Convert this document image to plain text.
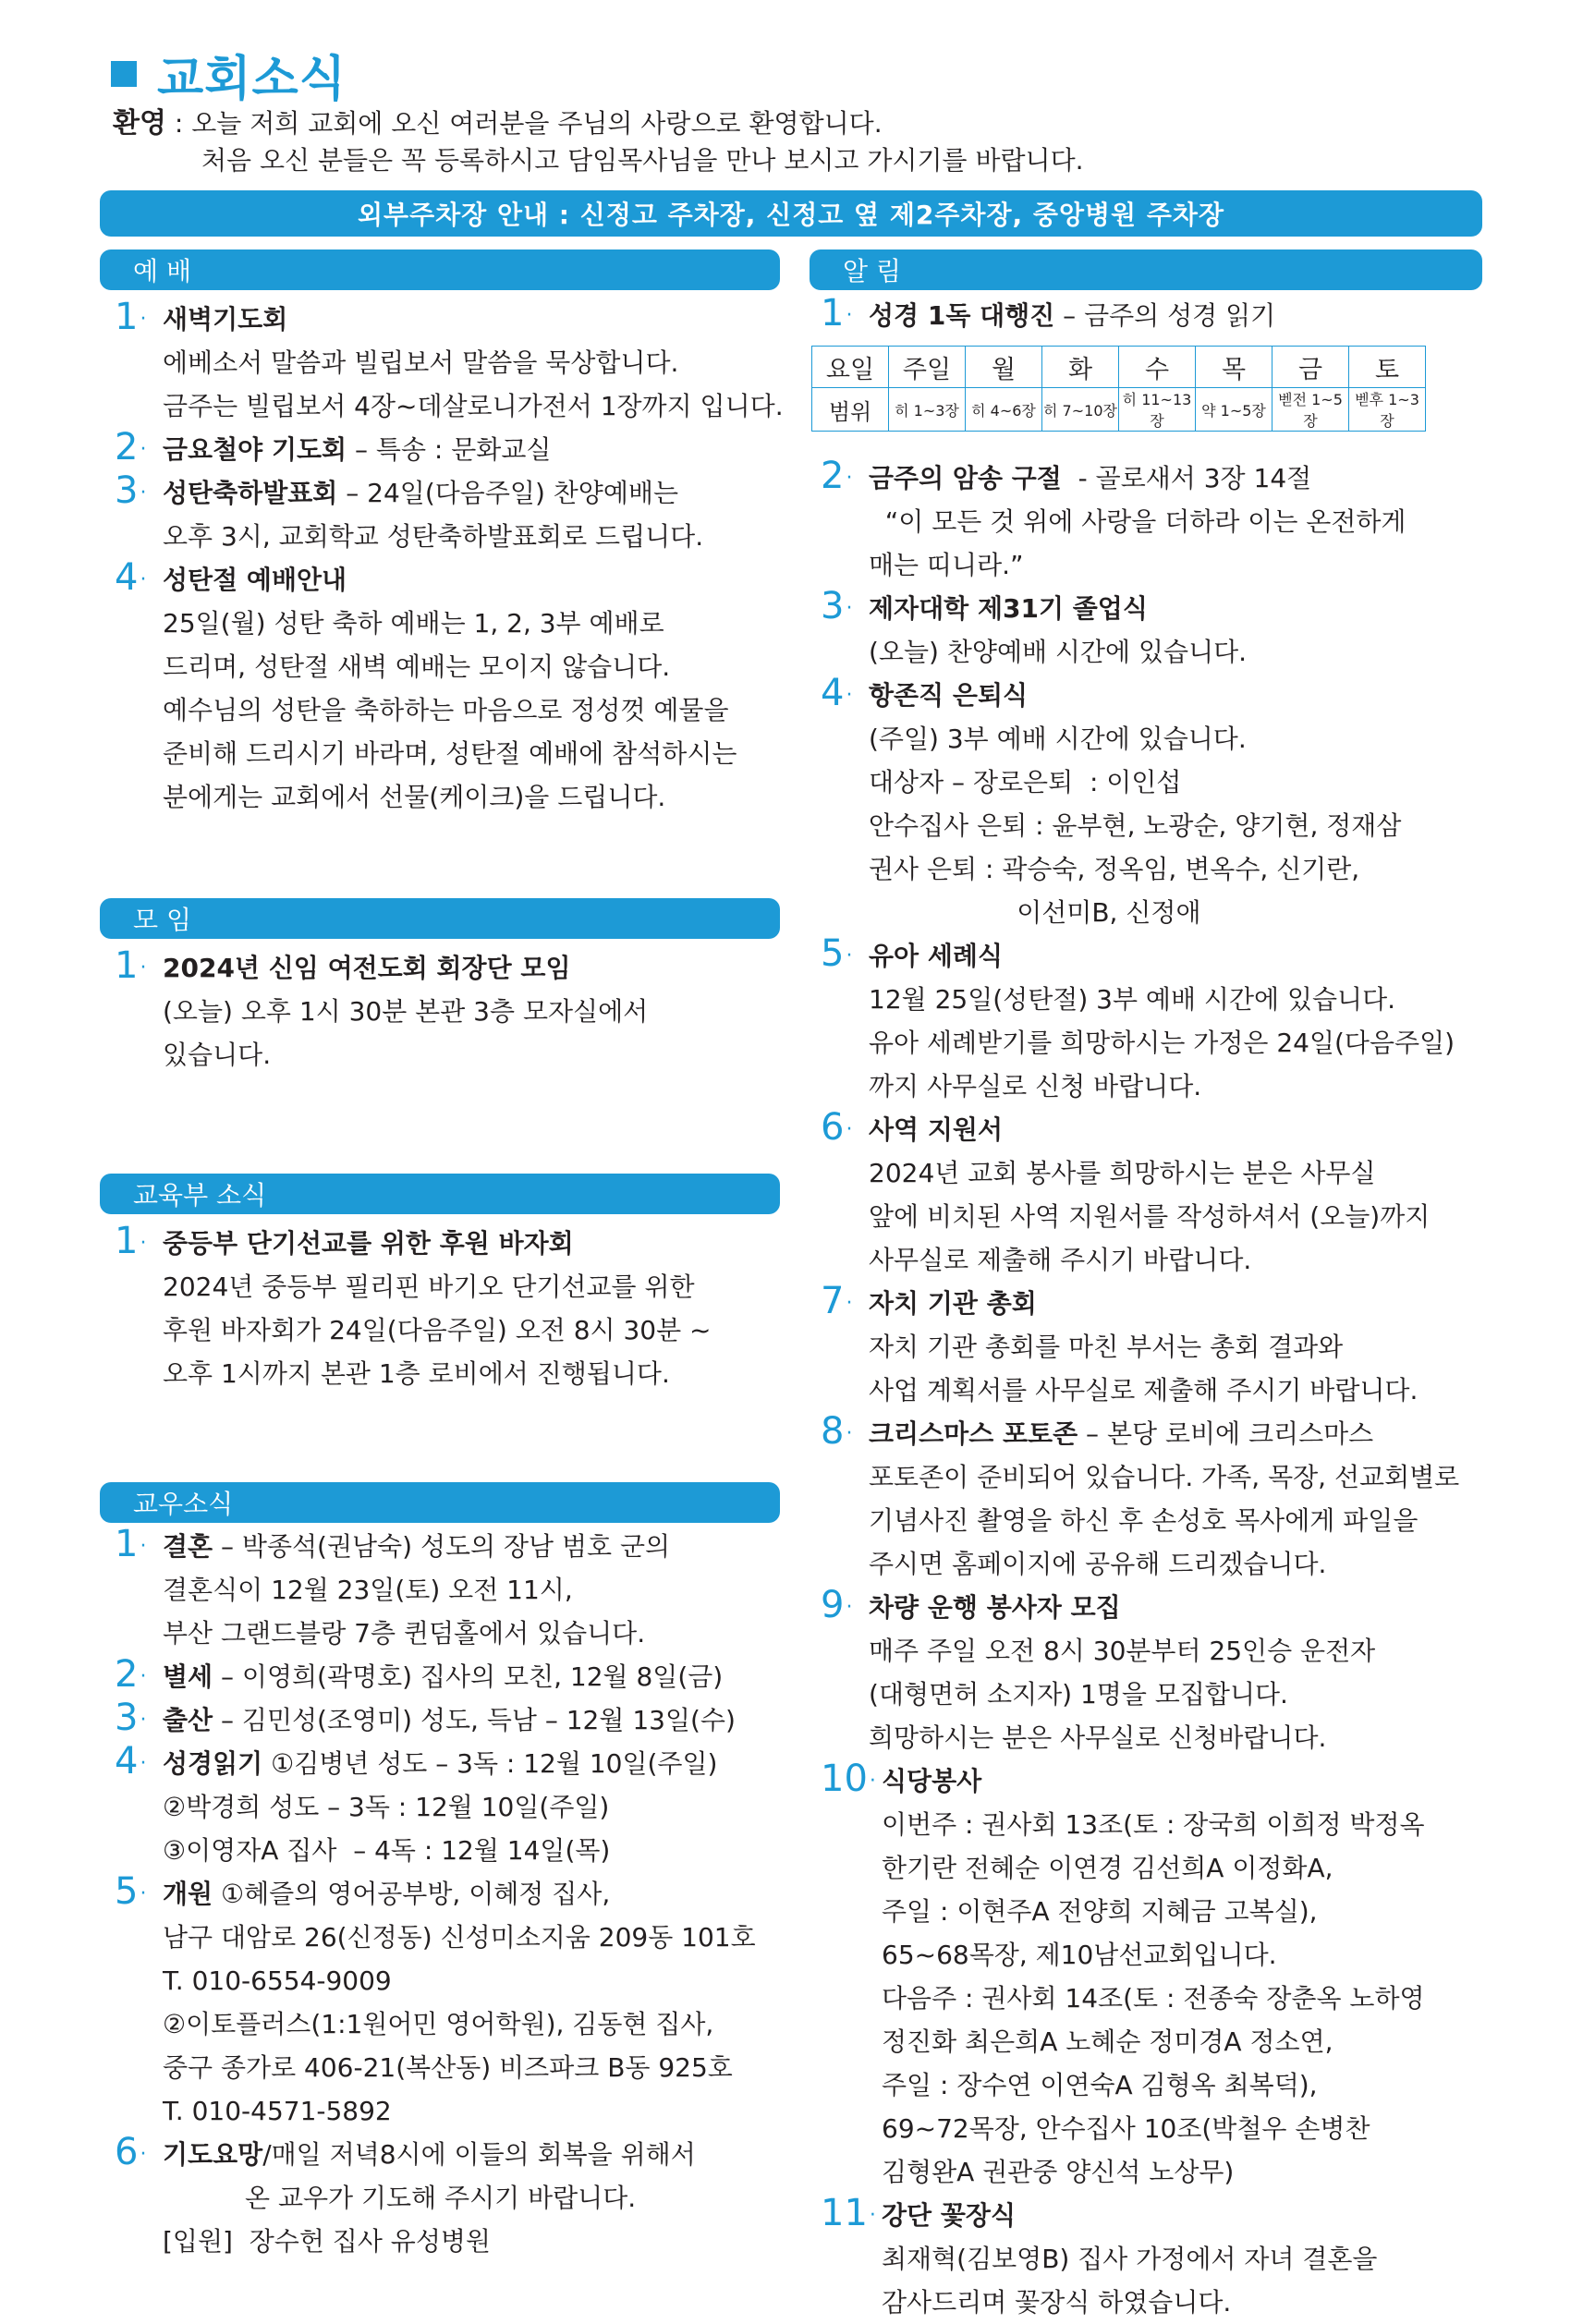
교회소식
환영 : 오늘 저희 교회에 오신 여러분을 주님의 사랑으로 환영합니다.
처음 오신 분들은 꼭 등록하시고 담임목사님을 만나 보시고 가시기를 바랍니다.
외부주차장 안내 : 신정고 주차장, 신정고 옆 제2주차장, 중앙병원 주차장
요일	주일	월	화	수	목	금	토
범위	히 1~3장	히 4~6장	히 7~10장	히 11~13장	약 1~5장	벧전 1~5장	벧후 1~3장
예 배
1· 새벽기도회
에베소서 말씀과 빌립보서 말씀을 묵상합니다.
금주는 빌립보서 4장~데살로니가전서 1장까지 입니다.
2· 금요철야 기도회 – 특송 : 문화교실
3· 성탄축하발표회 – 24일(다음주일) 찬양예배는
오후 3시, 교회학교 성탄축하발표회로 드립니다.
4· 성탄절 예배안내
25일(월) 성탄 축하 예배는 1, 2, 3부 예배로
드리며, 성탄절 새벽 예배는 모이지 않습니다.
예수님의 성탄을 축하하는 마음으로 정성껏 예물을
준비해 드리시기 바라며, 성탄절 예배에 참석하시는
분에게는 교회에서 선물(케이크)을 드립니다.
모 임
1· 2024년 신임 여전도회 회장단 모임
(오늘) 오후 1시 30분 본관 3층 모자실에서
있습니다.
교육부 소식
1· 중등부 단기선교를 위한 후원 바자회
2024년 중등부 필리핀 바기오 단기선교를 위한
후원 바자회가 24일(다음주일) 오전 8시 30분 ~
오후 1시까지 본관 1층 로비에서 진행됩니다.
교우소식
1· 결혼 – 박종석(권남숙) 성도의 장남 범호 군의
결혼식이 12월 23일(토) 오전 11시,
부산 그랜드블랑 7층 퀸덤홀에서 있습니다.
2· 별세 – 이영희(곽명호) 집사의 모친, 12월 8일(금)
3· 출산 – 김민성(조영미) 성도, 득남 – 12월 13일(수)
4· 성경읽기 ①김병년 성도 – 3독 : 12월 10일(주일)
②박경희 성도 – 3독 : 12월 10일(주일)
③이영자A 집사  – 4독 : 12월 14일(목)
5· 개원 ①혜즐의 영어공부방, 이혜정 집사,
남구 대암로 26(신정동) 신성미소지움 209동 101호
T. 010-6554-9009
②이토플러스(1:1원어민 영어학원), 김동현 집사,
중구 종가로 406-21(복산동) 비즈파크 B동 925호
T. 010-4571-5892
6· 기도요망/매일 저녁8시에 이들의 회복을 위해서
온 교우가 기도해 주시기 바랍니다.
[입원]  장수헌 집사 유성병원
알 림
1· 성경 1독 대행진 – 금주의 성경 읽기
2· 금주의 암송 구절  - 골로새서 3장 14절
“이 모든 것 위에 사랑을 더하라 이는 온전하게
매는 띠니라.”
3· 제자대학 제31기 졸업식
(오늘) 찬양예배 시간에 있습니다.
4· 항존직 은퇴식
(주일) 3부 예배 시간에 있습니다.
대상자 – 장로은퇴  : 이인섭
안수집사 은퇴 : 윤부현, 노광순, 양기현, 정재삼
권사 은퇴 : 곽승숙, 정옥임, 변옥수, 신기란,
이선미B, 신정애
5· 유아 세례식
12월 25일(성탄절) 3부 예배 시간에 있습니다.
유아 세례받기를 희망하시는 가정은 24일(다음주일)
까지 사무실로 신청 바랍니다.
6· 사역 지원서
2024년 교회 봉사를 희망하시는 분은 사무실
앞에 비치된 사역 지원서를 작성하셔서 (오늘)까지
사무실로 제출해 주시기 바랍니다.
7· 자치 기관 총회
자치 기관 총회를 마친 부서는 총회 결과와
사업 계획서를 사무실로 제출해 주시기 바랍니다.
8· 크리스마스 포토존 – 본당 로비에 크리스마스
포토존이 준비되어 있습니다. 가족, 목장, 선교회별로
기념사진 촬영을 하신 후 손성호 목사에게 파일을
주시면 홈페이지에 공유해 드리겠습니다.
9· 차량 운행 봉사자 모집
매주 주일 오전 8시 30분부터 25인승 운전자
(대형면허 소지자) 1명을 모집합니다.
희망하시는 분은 사무실로 신청바랍니다.
10· 식당봉사
이번주 : 권사회 13조(토 : 장국희 이희정 박정옥
한기란 전혜순 이연경 김선희A 이정화A,
주일 : 이현주A 전양희 지혜금 고복실),
65~68목장, 제10남선교회입니다.
다음주 : 권사회 14조(토 : 전종숙 장춘옥 노하영
정진화 최은희A 노혜순 정미경A 정소연,
주일 : 장수연 이연숙A 김형옥 최복덕),
69~72목장, 안수집사 10조(박철우 손병찬
김형완A 권관중 양신석 노상무)
11· 강단 꽃장식
최재혁(김보영B) 집사 가정에서 자녀 결혼을
감사드리며 꽃장식 하였습니다.
